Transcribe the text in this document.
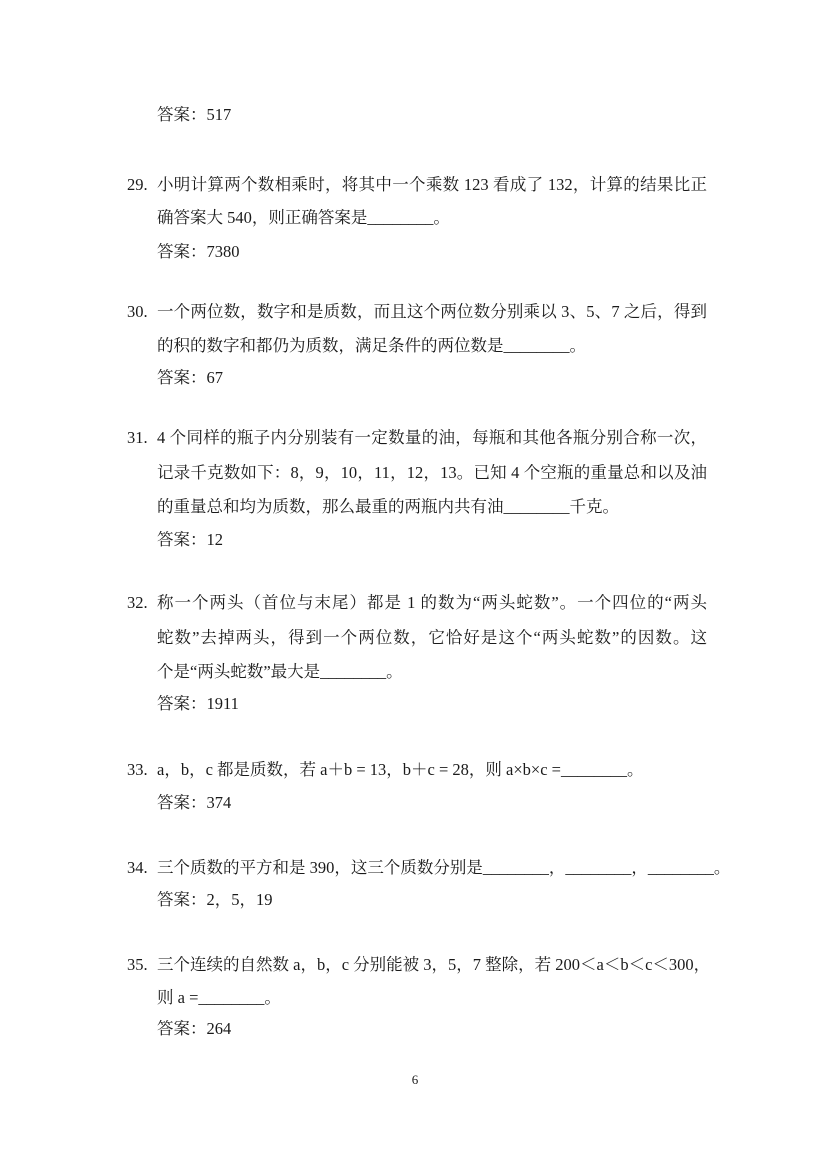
答案：517
29. 小明计算两个数相乘时，将其中一个乘数 123 看成了 132，计算的结果比正
确答案大 540，则正确答案是________。
答案：7380
30. 一个两位数，数字和是质数，而且这个两位数分别乘以 3、5、7 之后，得到
的积的数字和都仍为质数，满足条件的两位数是________。
答案：67
31. 4 个同样的瓶子内分别装有一定数量的油，每瓶和其他各瓶分别合称一次，
记录千克数如下：8，9，10，11，12，13。已知 4 个空瓶的重量总和以及油
的重量总和均为质数，那么最重的两瓶内共有油________千克。
答案：12
32. 称一个两头（首位与末尾）都是 1 的数为“两头蛇数”。一个四位的“两头
蛇数”去掉两头，得到一个两位数，它恰好是这个“两头蛇数”的因数。这
个是“两头蛇数”最大是________。
答案：1911
33. a，b，c 都是质数，若 a＋b = 13，b＋c = 28，则 a×b×c =________。
答案：374
34. 三个质数的平方和是 390，这三个质数分别是________，________，________。
答案：2，5，19
35. 三个连续的自然数 a，b，c 分别能被 3，5，7 整除，若 200＜a＜b＜c＜300，
则 a =________。
答案：264
6
